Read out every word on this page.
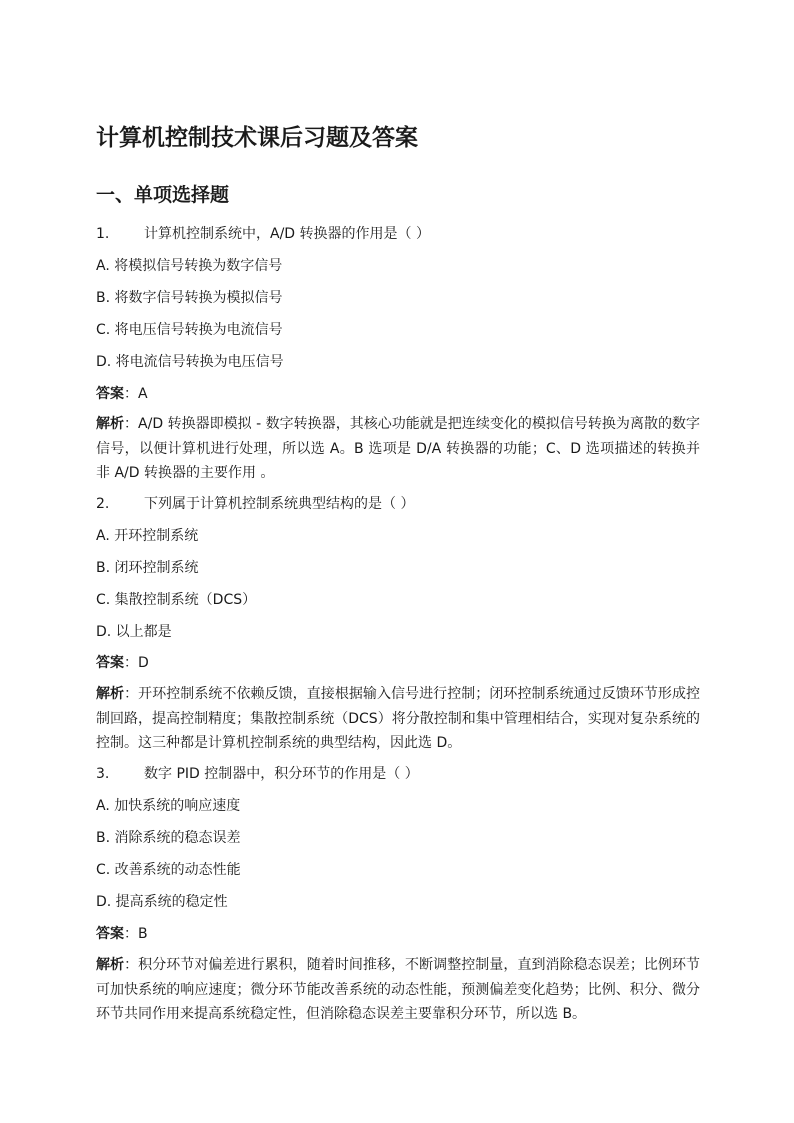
计算机控制技术课后习题及答案
一、单项选择题
1. 计算机控制系统中，A/D 转换器的作用是（ ）
A. 将模拟信号转换为数字信号
B. 将数字信号转换为模拟信号
C. 将电压信号转换为电流信号
D. 将电流信号转换为电压信号
答案：A
解析：A/D 转换器即模拟 - 数字转换器，其核心功能就是把连续变化的模拟信号转换为离散的数字信号，以便计算机进行处理，所以选 A。B 选项是 D/A 转换器的功能；C、D 选项描述的转换并非 A/D 转换器的主要作用 。
2. 下列属于计算机控制系统典型结构的是（ ）
A. 开环控制系统
B. 闭环控制系统
C. 集散控制系统（DCS）
D. 以上都是
答案：D
解析：开环控制系统不依赖反馈，直接根据输入信号进行控制；闭环控制系统通过反馈环节形成控制回路，提高控制精度；集散控制系统（DCS）将分散控制和集中管理相结合，实现对复杂系统的控制。这三种都是计算机控制系统的典型结构，因此选 D。
3. 数字 PID 控制器中，积分环节的作用是（ ）
A. 加快系统的响应速度
B. 消除系统的稳态误差
C. 改善系统的动态性能
D. 提高系统的稳定性
答案：B
解析：积分环节对偏差进行累积，随着时间推移，不断调整控制量，直到消除稳态误差；比例环节可加快系统的响应速度；微分环节能改善系统的动态性能，预测偏差变化趋势；比例、积分、微分环节共同作用来提高系统稳定性，但消除稳态误差主要靠积分环节，所以选 B。
